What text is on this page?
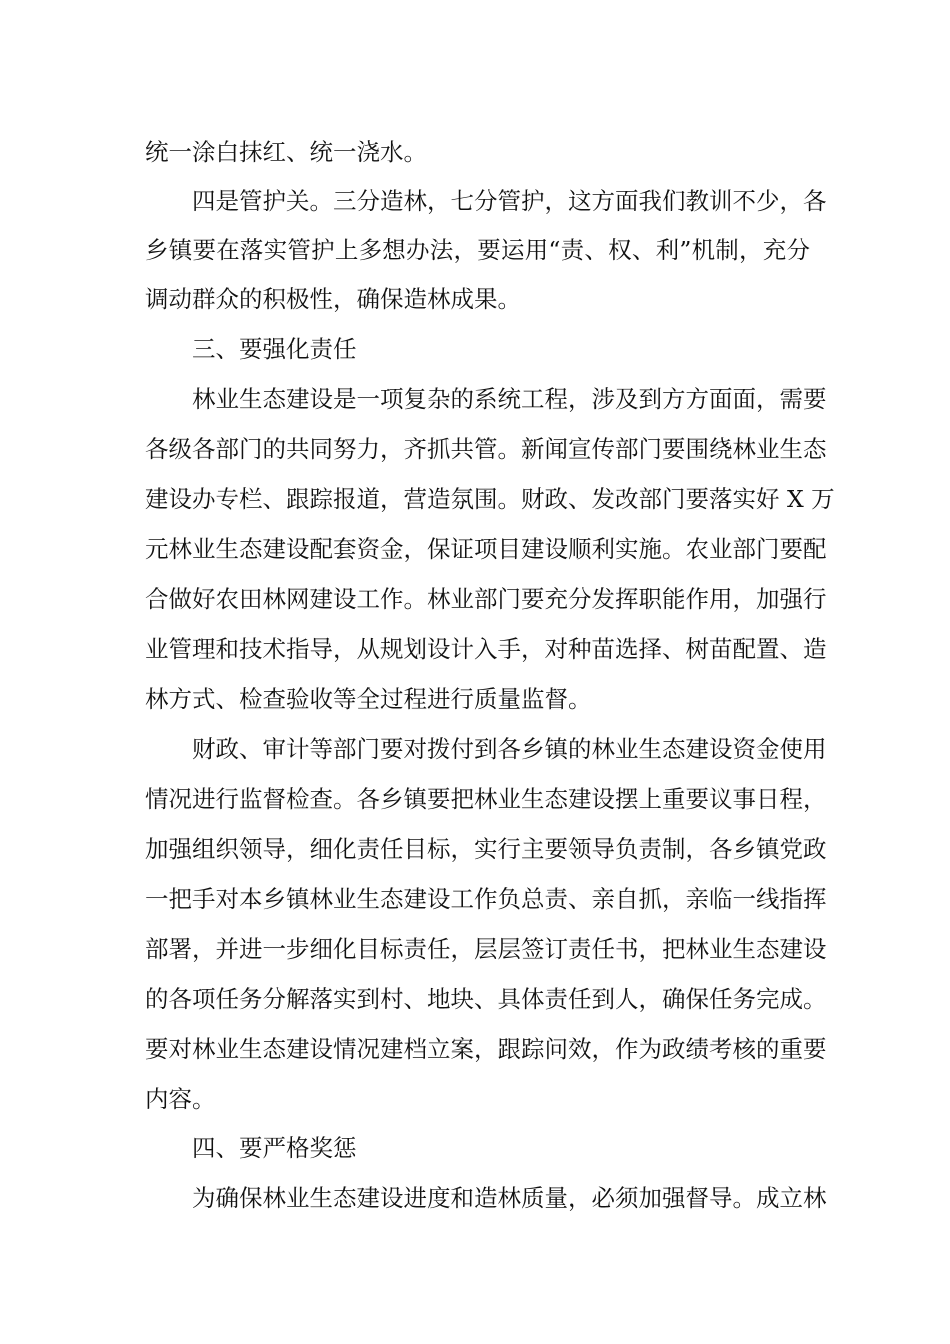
统一涂白抹红、统一浇水。
四是管护关。三分造林，七分管护，这方面我们教训不少，各
乡镇要在落实管护上多想办法，要运用“责、权、利”机制，充分
调动群众的积极性，确保造林成果。
三、要强化责任
林业生态建设是一项复杂的系统工程，涉及到方方面面，需要
各级各部门的共同努力，齐抓共管。新闻宣传部门要围绕林业生态
建设办专栏、跟踪报道，营造氛围。财政、发改部门要落实好 X 万
元林业生态建设配套资金，保证项目建设顺利实施。农业部门要配
合做好农田林网建设工作。林业部门要充分发挥职能作用，加强行
业管理和技术指导，从规划设计入手，对种苗选择、树苗配置、造
林方式、检查验收等全过程进行质量监督。
财政、审计等部门要对拨付到各乡镇的林业生态建设资金使用
情况进行监督检查。各乡镇要把林业生态建设摆上重要议事日程，
加强组织领导，细化责任目标，实行主要领导负责制，各乡镇党政
一把手对本乡镇林业生态建设工作负总责、亲自抓，亲临一线指挥
部署，并进一步细化目标责任，层层签订责任书，把林业生态建设
的各项任务分解落实到村、地块、具体责任到人，确保任务完成。
要对林业生态建设情况建档立案，跟踪问效，作为政绩考核的重要
内容。
四、要严格奖惩
为确保林业生态建设进度和造林质量，必须加强督导。成立林
